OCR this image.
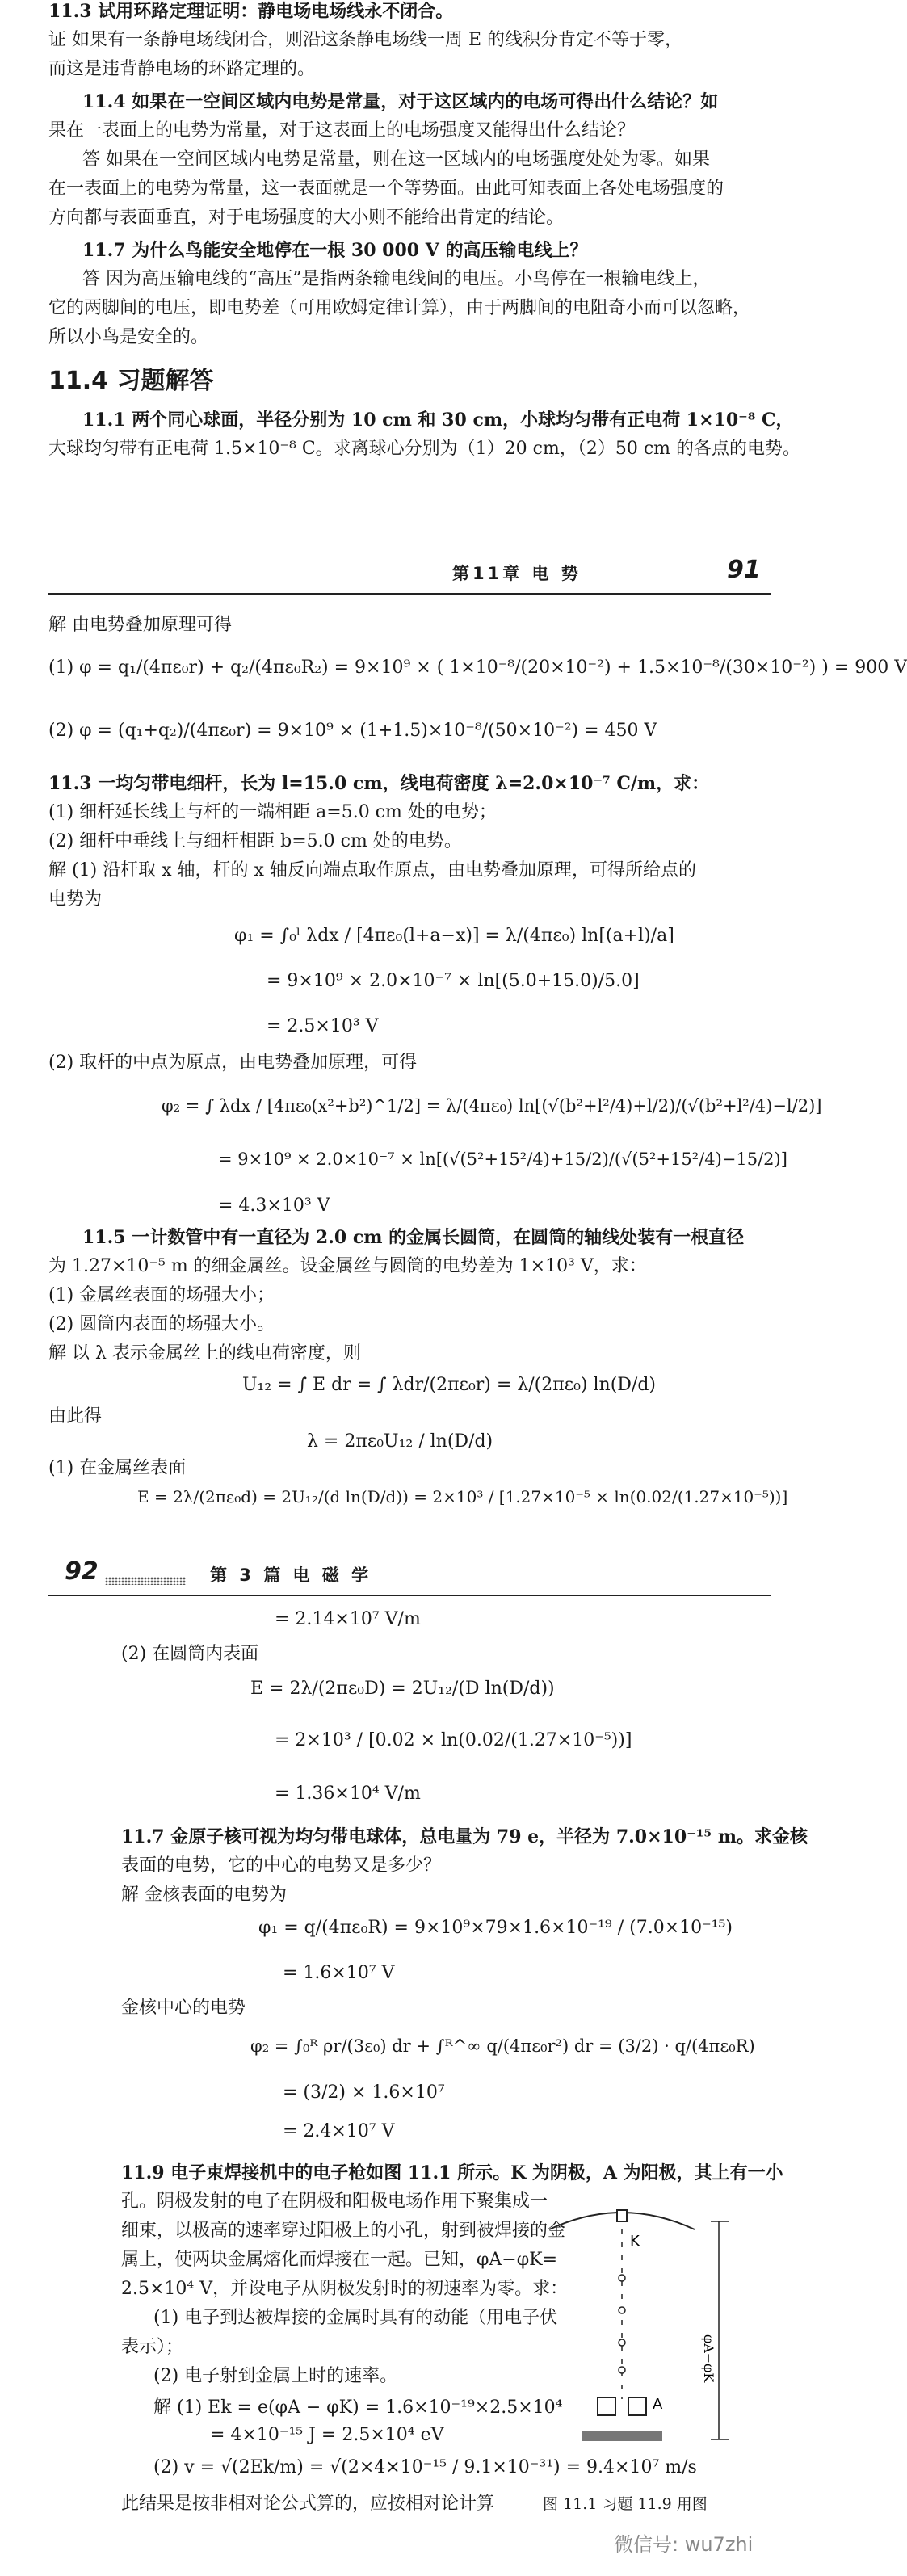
11.3 试用环路定理证明：静电场电场线永不闭合。
证 如果有一条静电场线闭合，则沿这条静电场线一周 E 的线积分肯定不等于零，
而这是违背静电场的环路定理的。
11.4 如果在一空间区域内电势是常量，对于这区域内的电场可得出什么结论？如
果在一表面上的电势为常量，对于这表面上的电场强度又能得出什么结论？
答 如果在一空间区域内电势是常量，则在这一区域内的电场强度处处为零。如果
在一表面上的电势为常量，这一表面就是一个等势面。由此可知表面上各处电场强度的
方向都与表面垂直，对于电场强度的大小则不能给出肯定的结论。
11.7 为什么鸟能安全地停在一根 30 000 V 的高压输电线上？
答 因为高压输电线的“高压”是指两条输电线间的电压。小鸟停在一根输电线上，
它的两脚间的电压，即电势差（可用欧姆定律计算），由于两脚间的电阻奇小而可以忽略，
所以小鸟是安全的。
11.4 习题解答
11.1 两个同心球面，半径分别为 10 cm 和 30 cm，小球均匀带有正电荷 1×10⁻⁸ C，
大球均匀带有正电荷 1.5×10⁻⁸ C。求离球心分别为（1）20 cm，（2）50 cm 的各点的电势。
第11章 电 势	91
解 由电势叠加原理可得
(1) φ = q₁/(4πε₀r) + q₂/(4πε₀R₂) = 9×10⁹ × ( 1×10⁻⁸/(20×10⁻²) + 1.5×10⁻⁸/(30×10⁻²) ) = 900 V
(2) φ = (q₁+q₂)/(4πε₀r) = 9×10⁹ × (1+1.5)×10⁻⁸/(50×10⁻²) = 450 V
11.3 一均匀带电细杆，长为 l=15.0 cm，线电荷密度 λ=2.0×10⁻⁷ C/m，求：
(1) 细杆延长线上与杆的一端相距 a=5.0 cm 处的电势；
(2) 细杆中垂线上与细杆相距 b=5.0 cm 处的电势。
解 (1) 沿杆取 x 轴，杆的 x 轴反向端点取作原点，由电势叠加原理，可得所给点的
电势为
φ₁ = ∫₀ˡ λdx / [4πε₀(l+a−x)] = λ/(4πε₀) ln[(a+l)/a]
= 9×10⁹ × 2.0×10⁻⁷ × ln[(5.0+15.0)/5.0]
= 2.5×10³ V
(2) 取杆的中点为原点，由电势叠加原理，可得
φ₂ = ∫ λdx / [4πε₀(x²+b²)^1/2] = λ/(4πε₀) ln[(√(b²+l²/4)+l/2)/(√(b²+l²/4)−l/2)]
= 9×10⁹ × 2.0×10⁻⁷ × ln[(√(5²+15²/4)+15/2)/(√(5²+15²/4)−15/2)]
= 4.3×10³ V
11.5 一计数管中有一直径为 2.0 cm 的金属长圆筒，在圆筒的轴线处装有一根直径
为 1.27×10⁻⁵ m 的细金属丝。设金属丝与圆筒的电势差为 1×10³ V，求：
(1) 金属丝表面的场强大小；
(2) 圆筒内表面的场强大小。
解 以 λ 表示金属丝上的线电荷密度，则
U₁₂ = ∫ E dr = ∫ λdr/(2πε₀r) = λ/(2πε₀) ln(D/d)
由此得
λ = 2πε₀U₁₂ / ln(D/d)
(1) 在金属丝表面
E = 2λ/(2πε₀d) = 2U₁₂/(d ln(D/d)) = 2×10³ / [1.27×10⁻⁵ × ln(0.02/(1.27×10⁻⁵))]
92	第 3 篇 电 磁 学
= 2.14×10⁷ V/m
(2) 在圆筒内表面
E = 2λ/(2πε₀D) = 2U₁₂/(D ln(D/d))
= 2×10³ / [0.02 × ln(0.02/(1.27×10⁻⁵))]
= 1.36×10⁴ V/m
11.7 金原子核可视为均匀带电球体，总电量为 79 e，半径为 7.0×10⁻¹⁵ m。求金核
表面的电势，它的中心的电势又是多少？
解 金核表面的电势为
φ₁ = q/(4πε₀R) = 9×10⁹×79×1.6×10⁻¹⁹ / (7.0×10⁻¹⁵)
= 1.6×10⁷ V
金核中心的电势
φ₂ = ∫₀ᴿ ρr/(3ε₀) dr + ∫ᴿ^∞ q/(4πε₀r²) dr = (3/2) · q/(4πε₀R)
= (3/2) × 1.6×10⁷
= 2.4×10⁷ V
11.9 电子束焊接机中的电子枪如图 11.1 所示。K 为阴极，A 为阳极，其上有一小
孔。阴极发射的电子在阴极和阳极电场作用下聚集成一
细束，以极高的速率穿过阳极上的小孔，射到被焊接的金
属上，使两块金属熔化而焊接在一起。已知，φA−φK=
2.5×10⁴ V，并设电子从阴极发射时的初速率为零。求：
(1) 电子到达被焊接的金属时具有的动能（用电子伏
表示）；
(2) 电子射到金属上时的速率。
解 (1) Ek = e(φA − φK) = 1.6×10⁻¹⁹×2.5×10⁴
= 4×10⁻¹⁵ J = 2.5×10⁴ eV
(2) v = √(2Ek/m) = √(2×4×10⁻¹⁵ / 9.1×10⁻³¹) = 9.4×10⁷ m/s
此结果是按非相对论公式算的，应按相对论计算
K
A
φA−φK
图 11.1 习题 11.9 用图
微信号: wu7zhi
